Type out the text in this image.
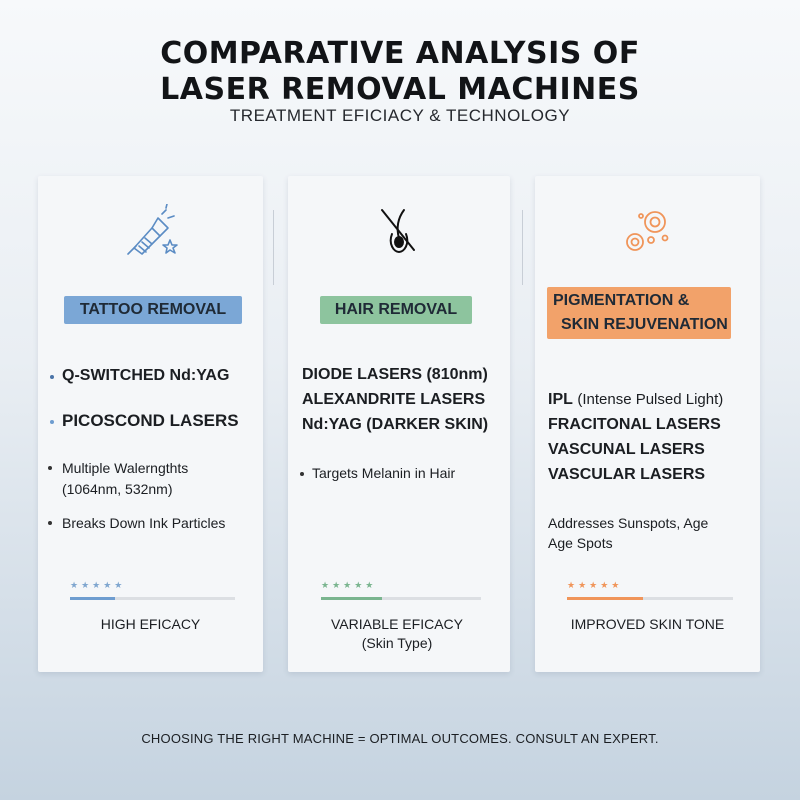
COMPARATIVE ANALYSIS OF
LASER REMOVAL MACHINES
TREATMENT EFICIACY & TECHNOLOGY
TATTOO REMOVAL
Q-SWITCHED Nd:YAG
PICOSCOND LASERS
Multiple Walerngthts
(1064nm, 532nm)
Breaks Down Ink Particles
★★★★★
HIGH EFICACY
HAIR REMOVAL
DIODE LASERS (810nm)
ALEXANDRITE LASERS
Nd:YAG (DARKER SKIN)
Targets Melanin in Hair
★★★★★
VARIABLE EFICACY
(Skin Type)
PIGMENTATION &
SKIN REJUVENATION
IPL (Intense Pulsed Light)
FRACITONAL LASERS
VASCUNAL LASERS
VASCULAR LASERS
Addresses Sunspots, Age
Age Spots
★★★★★
IMPROVED SKIN TONE
CHOOSING THE RIGHT MACHINE = OPTIMAL OUTCOMES. CONSULT AN EXPERT.
